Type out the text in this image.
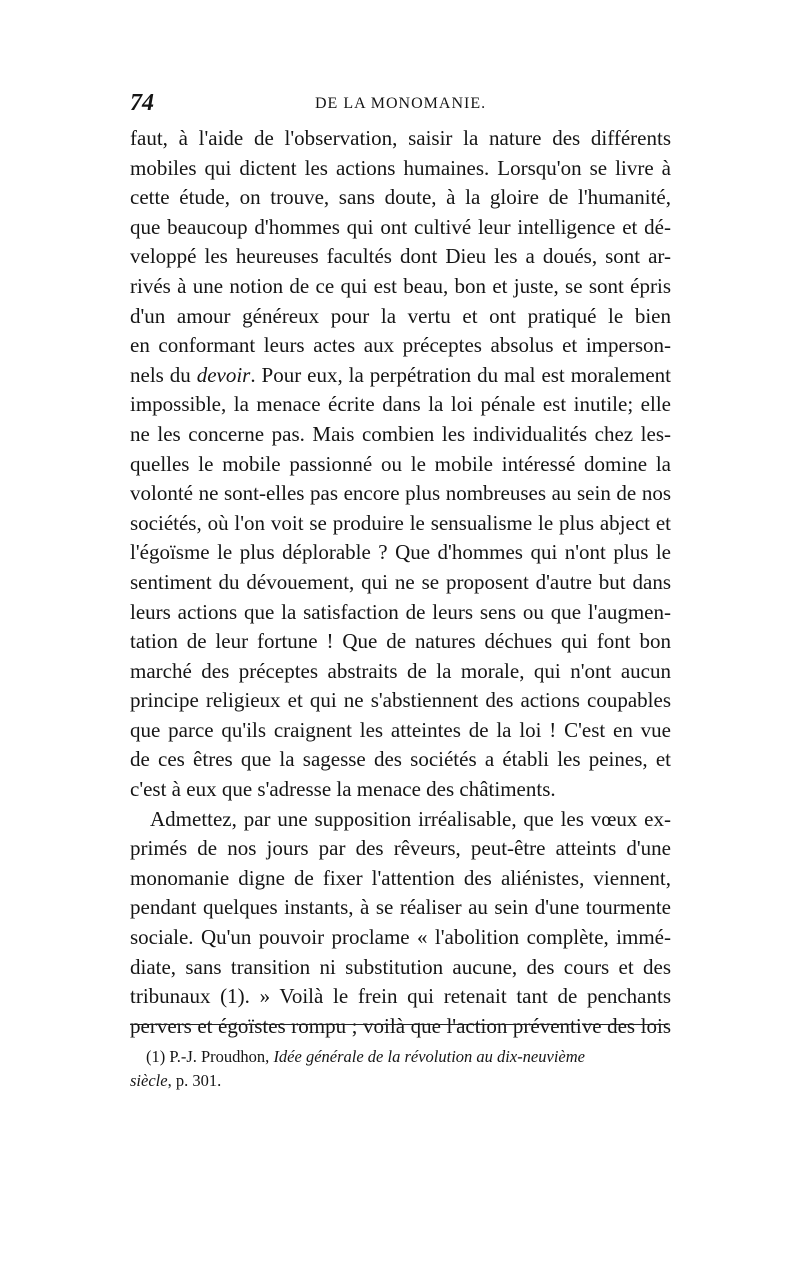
74	DE LA MONOMANIE.
faut, à l'aide de l'observation, saisir la nature des différents
mobiles qui dictent les actions humaines. Lorsqu'on se livre à
cette étude, on trouve, sans doute, à la gloire de l'humanité,
que beaucoup d'hommes qui ont cultivé leur intelligence et dé-
veloppé les heureuses facultés dont Dieu les a doués, sont ar-
rivés à une notion de ce qui est beau, bon et juste, se sont épris
d'un amour généreux pour la vertu et ont pratiqué le bien
en conformant leurs actes aux préceptes absolus et imperson-
nels du devoir. Pour eux, la perpétration du mal est moralement
impossible, la menace écrite dans la loi pénale est inutile; elle
ne les concerne pas. Mais combien les individualités chez les-
quelles le mobile passionné ou le mobile intéressé domine la
volonté ne sont-elles pas encore plus nombreuses au sein de nos
sociétés, où l'on voit se produire le sensualisme le plus abject et
l'égoïsme le plus déplorable ? Que d'hommes qui n'ont plus le
sentiment du dévouement, qui ne se proposent d'autre but dans
leurs actions que la satisfaction de leurs sens ou que l'augmen-
tation de leur fortune ! Que de natures déchues qui font bon
marché des préceptes abstraits de la morale, qui n'ont aucun
principe religieux et qui ne s'abstiennent des actions coupables
que parce qu'ils craignent les atteintes de la loi ! C'est en vue
de ces êtres que la sagesse des sociétés a établi les peines, et
c'est à eux que s'adresse la menace des châtiments.
Admettez, par une supposition irréalisable, que les vœux ex-
primés de nos jours par des rêveurs, peut-être atteints d'une
monomanie digne de fixer l'attention des aliénistes, viennent,
pendant quelques instants, à se réaliser au sein d'une tourmente
sociale. Qu'un pouvoir proclame « l'abolition complète, immé-
diate, sans transition ni substitution aucune, des cours et des
tribunaux (1). » Voilà le frein qui retenait tant de penchants
pervers et égoïstes rompu ; voilà que l'action préventive des lois
(1) P.-J. Proudhon, Idée générale de la révolution au dix-neuvième
siècle, p. 301.
